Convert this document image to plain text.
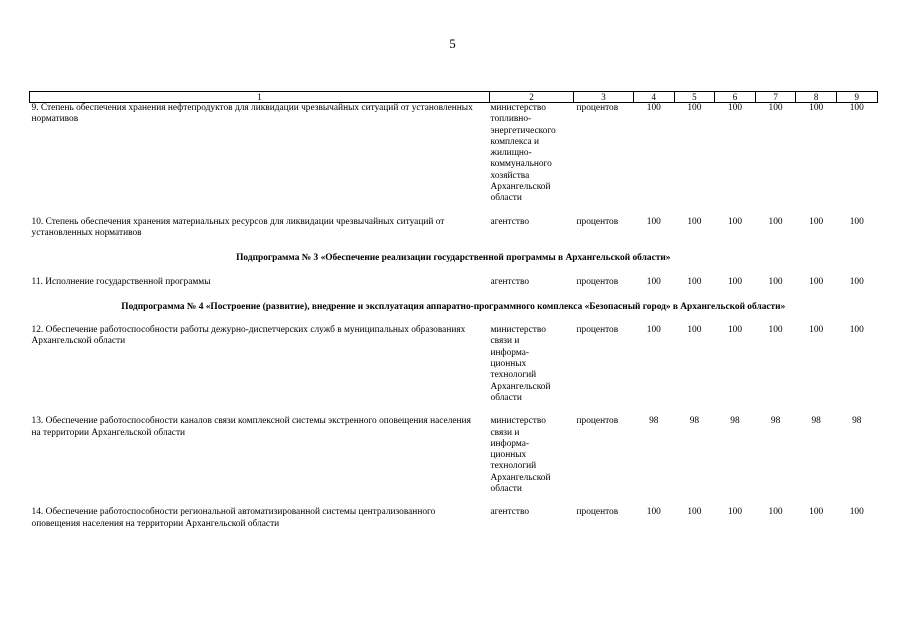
5
1	2	3	4	5	6	7	8	9
9. Степень обеспечения хранения нефтепродуктов для ликвидации чрезвычайных ситуаций от установленных нормативов	министерство топливно- энергетического комплекса и жилищно- коммунального хозяйства Архангельской области	процентов	100	100	100	100	100	100

10. Степень обеспечения хранения материальных ресурсов для ликвидации чрезвычайных ситуаций от установленных нормативов	агентство	процентов	100	100	100	100	100	100

Подпрограмма № 3 «Обеспечение реализации государственной программы в Архангельской области»								

11. Исполнение государственной программы	агентство	процентов	100	100	100	100	100	100

Подпрограмма № 4 «Построение (развитие), внедрение и эксплуатация аппаратно-программного комплекса «Безопасный город» в Архангельской области»								

12. Обеспечение работоспособности работы дежурно-диспетчерских служб в муниципальных образованиях Архангельской области	министерство связи и информа- ционных технологий Архангельской области	процентов	100	100	100	100	100	100

13. Обеспечение работоспособности каналов связи комплексной системы экстренного оповещения населения на территории Архангельской области	министерство связи и информа- ционных технологий Архангельской области	процентов	98	98	98	98	98	98

14. Обеспечение работоспособности региональной автоматизированной системы централизованного оповещения населения на территории Архангельской области	агентство	процентов	100	100	100	100	100	100
